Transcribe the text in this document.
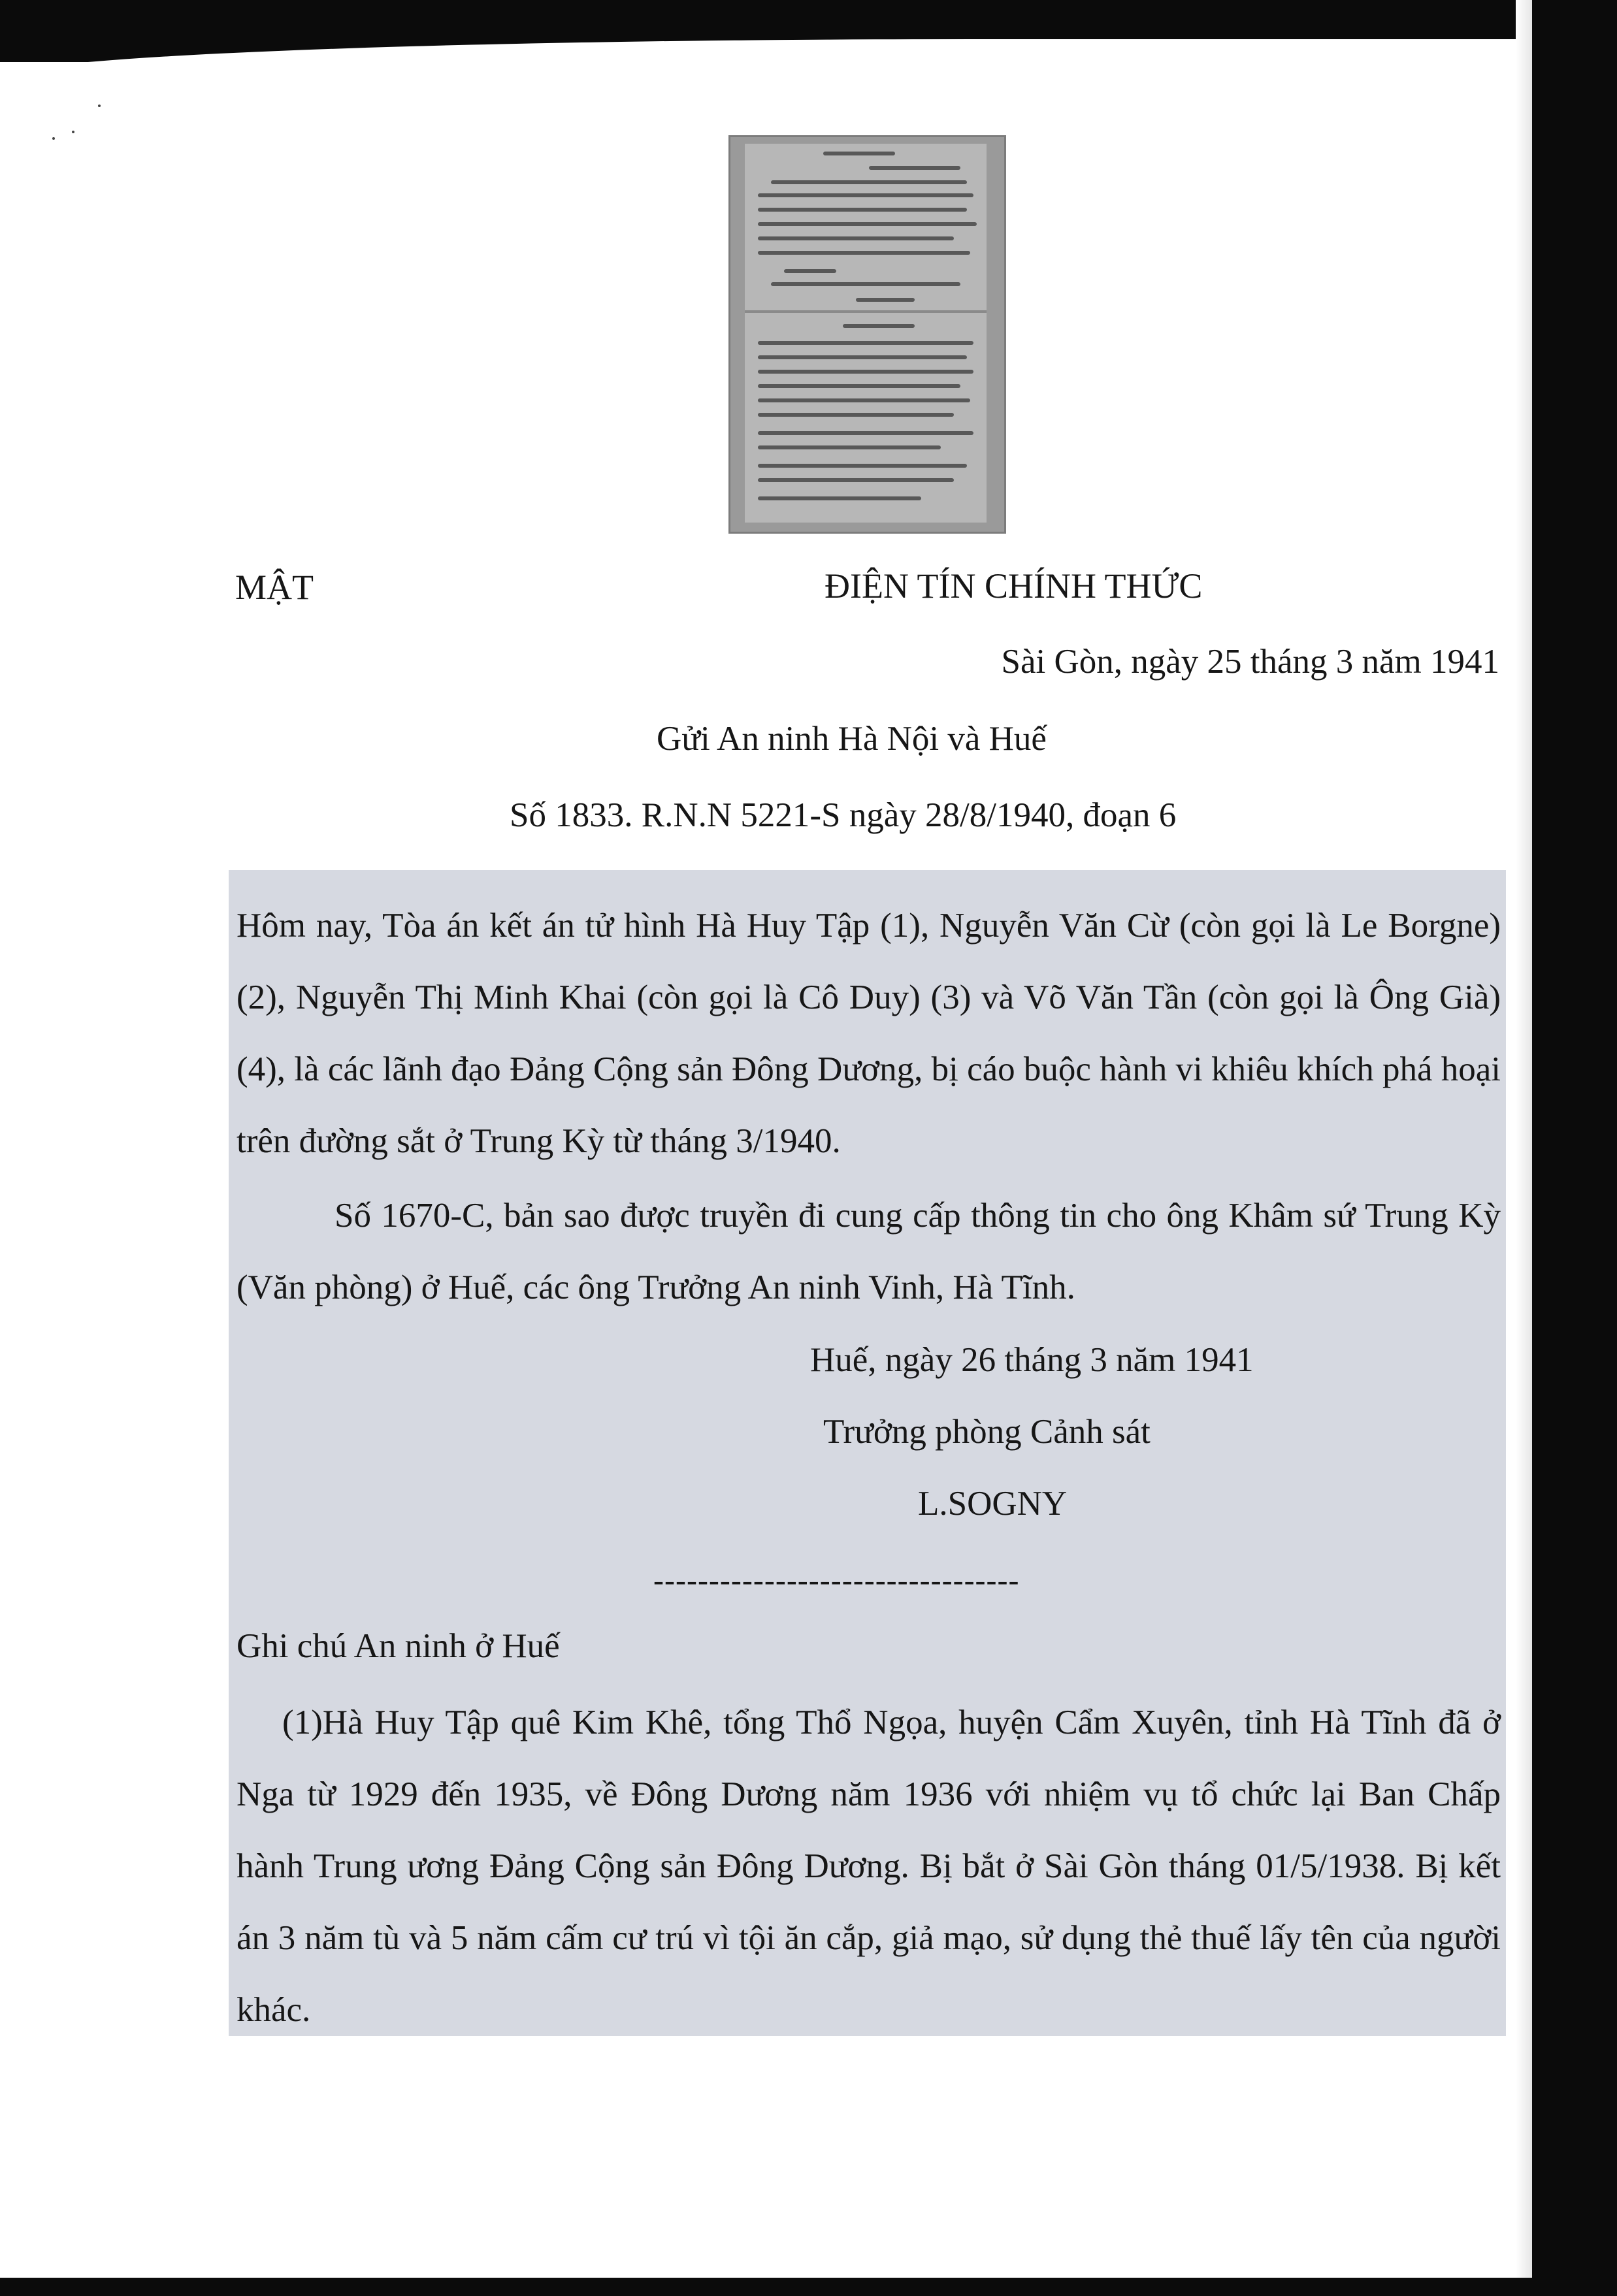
MẬT	ĐIỆN TÍN CHÍNH THỨC
Sài Gòn, ngày 25 tháng 3 năm 1941
Gửi An ninh Hà Nội và Huế
Số 1833. R.N.N 5221-S ngày 28/8/1940, đoạn 6
Hôm nay, Tòa án kết án tử hình Hà Huy Tập (1), Nguyễn Văn Cừ (còn gọi là Le Borgne) (2), Nguyễn Thị Minh Khai (còn gọi là Cô Duy) (3) và Võ Văn Tần (còn gọi là Ông Già) (4), là các lãnh đạo Đảng Cộng sản Đông Dương, bị cáo buộc hành vi khiêu khích phá hoại trên đường sắt ở Trung Kỳ từ tháng 3/1940.
Số 1670-C, bản sao được truyền đi cung cấp thông tin cho ông Khâm sứ Trung Kỳ (Văn phòng) ở Huế, các ông Trưởng An ninh Vinh, Hà Tĩnh.
Huế, ngày 26 tháng 3 năm 1941
Trưởng phòng Cảnh sát
L.SOGNY
---------------------------------
Ghi chú An ninh ở Huế
(1)Hà Huy Tập quê Kim Khê, tổng Thổ Ngọa, huyện Cẩm Xuyên, tỉnh Hà Tĩnh đã ở Nga từ 1929 đến 1935, về Đông Dương năm 1936 với nhiệm vụ tổ chức lại Ban Chấp hành Trung ương Đảng Cộng sản Đông Dương. Bị bắt ở Sài Gòn tháng 01/5/1938. Bị kết án 3 năm tù và 5 năm cấm cư trú vì tội ăn cắp, giả mạo, sử dụng thẻ thuế lấy tên của người khác.
